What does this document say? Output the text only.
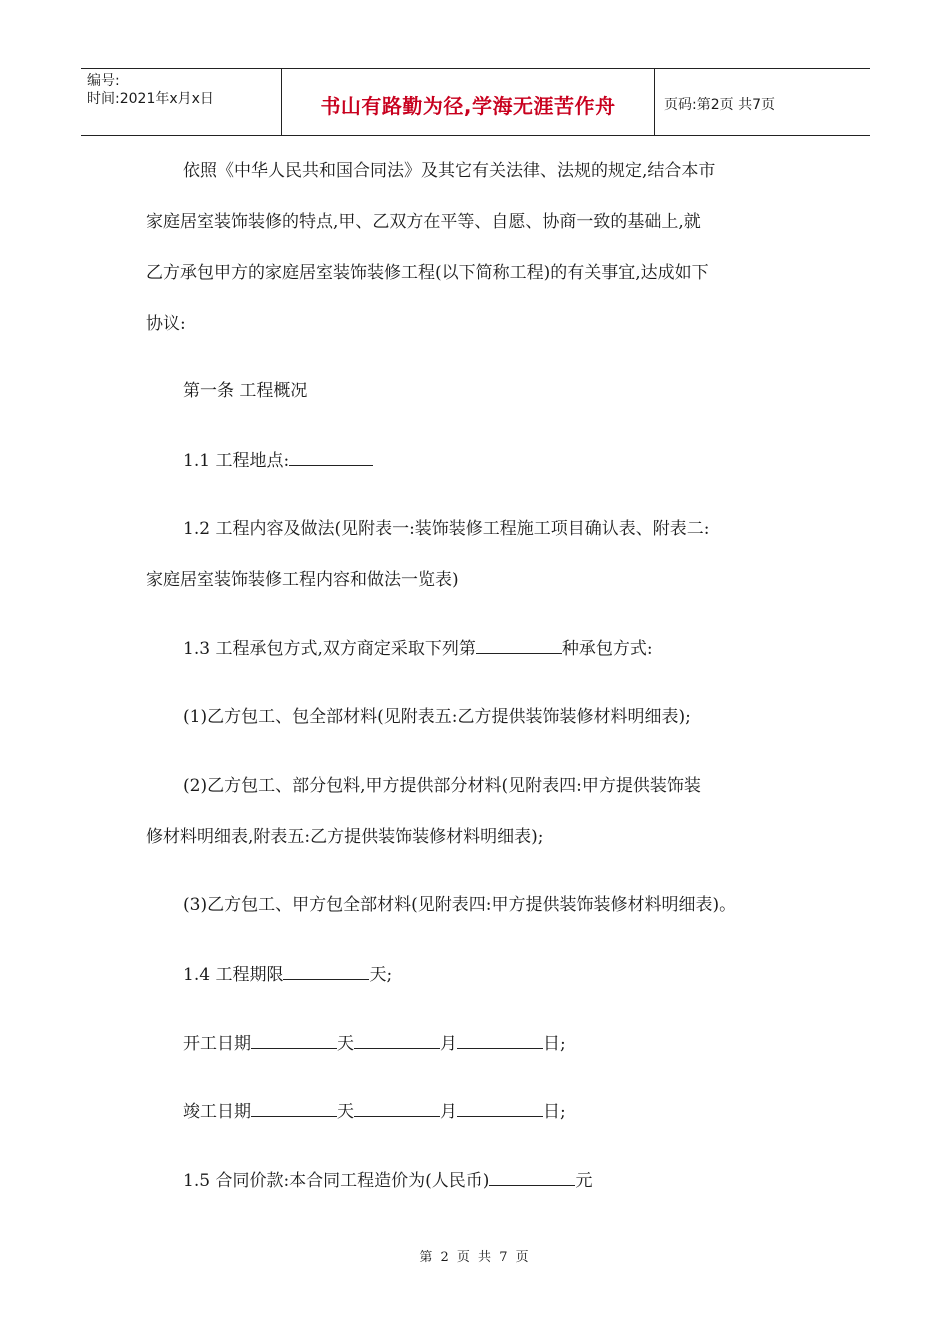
编号:
时间:2021年x月x日	书山有路勤为径,学海无涯苦作舟	页码:第2页 共7页
依照《中华人民共和国合同法》及其它有关法律、法规的规定,结合本市
家庭居室装饰装修的特点,甲、乙双方在平等、自愿、协商一致的基础上,就
乙方承包甲方的家庭居室装饰装修工程(以下简称工程)的有关事宜,达成如下
协议:
第一条 工程概况
1.1 工程地点:
1.2 工程内容及做法(见附表一:装饰装修工程施工项目确认表、附表二:
家庭居室装饰装修工程内容和做法一览表)
1.3 工程承包方式,双方商定采取下列第	种承包方式:
(1)乙方包工、包全部材料(见附表五:乙方提供装饰装修材料明细表);
(2)乙方包工、部分包料,甲方提供部分材料(见附表四:甲方提供装饰装
修材料明细表,附表五:乙方提供装饰装修材料明细表);
(3)乙方包工、甲方包全部材料(见附表四:甲方提供装饰装修材料明细表)。
1.4 工程期限	天;
开工日期	天	月	日;
竣工日期	天	月	日;
1.5 合同价款:本合同工程造价为(人民币)	元
第 2 页 共 7 页
